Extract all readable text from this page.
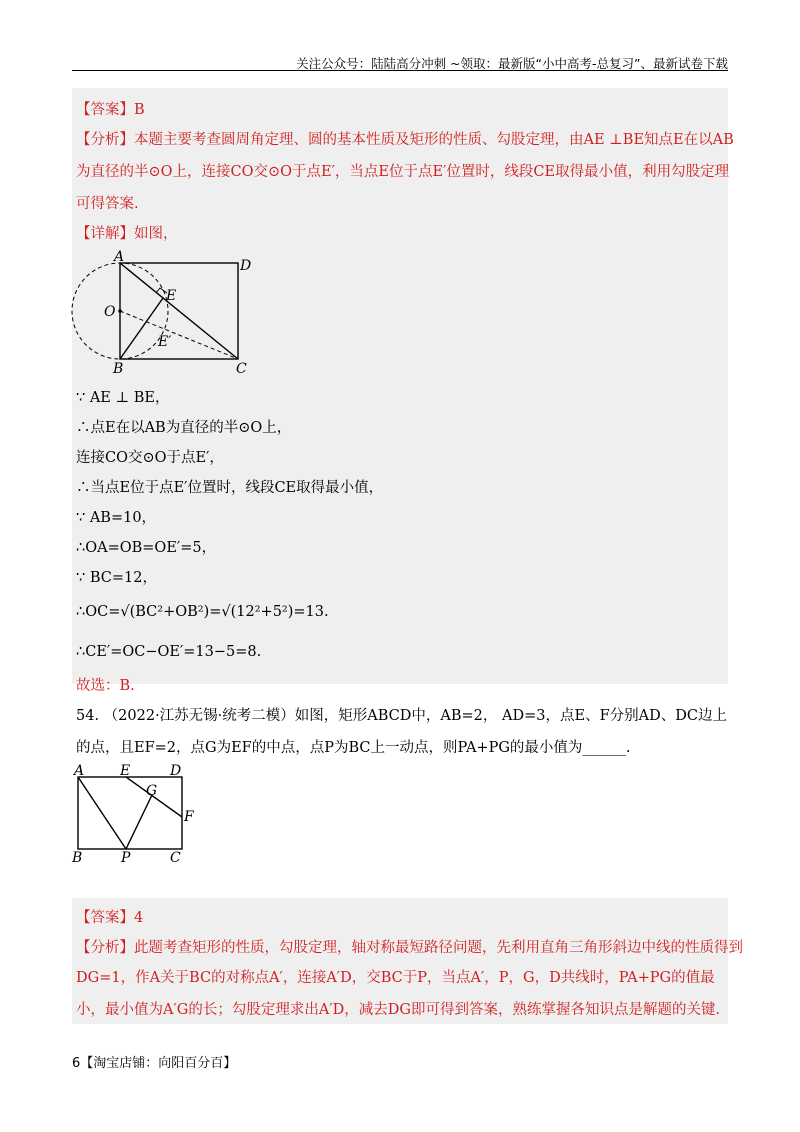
关注公众号：陆陆高分冲刺 ~领取：最新版“小中高考-总复习”、最新试卷下载
【答案】B
【分析】本题主要考查圆周角定理、圆的基本性质及矩形的性质、勾股定理，由AE ⊥BE知点E在以AB
为直径的半⊙O上，连接CO交⊙O于点E′，当点E位于点E′位置时，线段CE取得最小值，利用勾股定理
可得答案.
【详解】如图，
A
D
E
O
E′
B	C
∵ AE ⊥ BE，
∴点E在以AB为直径的半⊙O上，
连接CO交⊙O于点E′，
∴当点E位于点E′位置时，线段CE取得最小值，
∵ AB=10，
∴OA=OB=OE′=5，
∵ BC=12，
∴OC=√(BC²+OB²)=√(12²+5²)=13.
∴CE′=OC−OE′=13−5=8.
故选：B.
54. （2022·江苏无锡·统考二模）如图，矩形ABCD中，AB=2， AD=3，点E、F分别AD、DC边上
的点，且EF=2，点G为EF的中点，点P为BC上一动点，则PA+PG的最小值为______.
A	E	D
G
F
B	P	C
【答案】4
【分析】此题考查矩形的性质，勾股定理，轴对称最短路径问题，先利用直角三角形斜边中线的性质得到
DG=1，作A关于BC的对称点A′，连接A′D，交BC于P，当点A′，P，G，D共线时，PA+PG的值最
小，最小值为A′G的长；勾股定理求出A′D，减去DG即可得到答案，熟练掌握各知识点是解题的关键.
6【淘宝店铺：向阳百分百】
